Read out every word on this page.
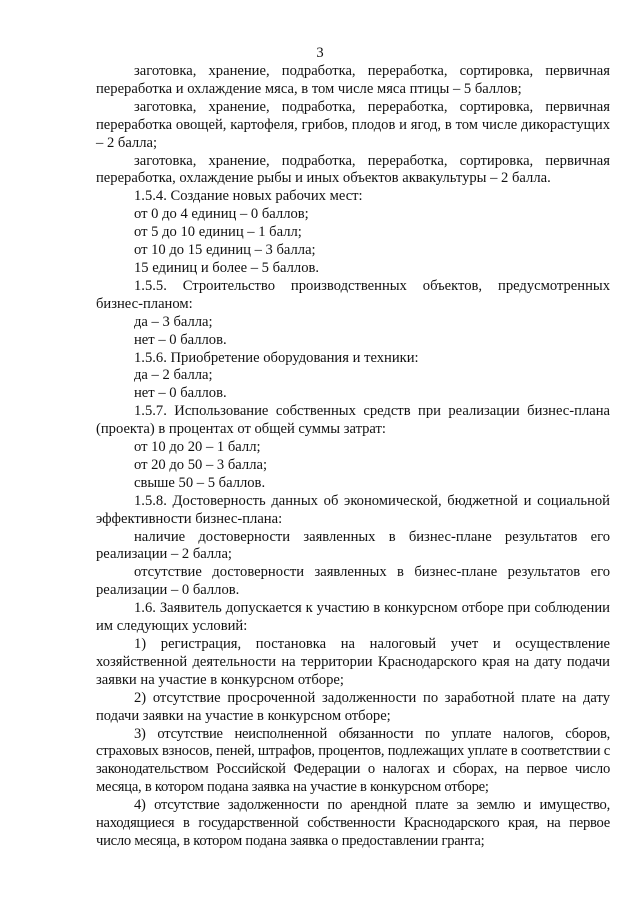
3

заготовка, хранение, подработка, переработка, сортировка, первичная переработка и охлаждение мяса, в том числе мяса птицы – 5 баллов;

заготовка, хранение, подработка, переработка, сортировка, первичная переработка овощей, картофеля, грибов, плодов и ягод, в том числе дикорастущих – 2 балла;

заготовка, хранение, подработка, переработка, сортировка, первичная переработка, охлаждение рыбы и иных объектов аквакультуры – 2 балла.

1.5.4. Создание новых рабочих мест:

от 0 до 4 единиц – 0 баллов;

от 5 до 10 единиц – 1 балл;

от 10 до 15 единиц – 3 балла;

15 единиц и более – 5 баллов.

1.5.5. Строительство производственных объектов, предусмотренных бизнес-планом:

да – 3 балла;

нет – 0 баллов.

1.5.6. Приобретение оборудования и техники:

да – 2 балла;

нет – 0 баллов.

1.5.7. Использование собственных средств при реализации бизнес-плана (проекта) в процентах от общей суммы затрат:

от 10 до 20 – 1 балл;

от 20 до 50 – 3 балла;

свыше 50 – 5 баллов.

1.5.8. Достоверность данных об экономической, бюджетной и социальной эффективности бизнес-плана:

наличие достоверности заявленных в бизнес-плане результатов его реализации – 2 балла;

отсутствие достоверности заявленных в бизнес-плане результатов его реализации – 0 баллов.

1.6. Заявитель допускается к участию в конкурсном отборе при соблюдении им следующих условий:

1) регистрация, постановка на налоговый учет и осуществление хозяйственной деятельности на территории Краснодарского края на дату подачи заявки на участие в конкурсном отборе;

2) отсутствие просроченной задолженности по заработной плате на дату подачи заявки на участие в конкурсном отборе;

3) отсутствие неисполненной обязанности по уплате налогов, сборов, страховых взносов, пеней, штрафов, процентов, подлежащих уплате в соответствии с законодательством Российской Федерации о налогах и сборах, на первое число месяца, в котором подана заявка на участие в конкурсном отборе;

4) отсутствие задолженности по арендной плате за землю и имущество, находящиеся в государственной собственности Краснодарского края, на первое число месяца, в котором подана заявка о предоставлении гранта;
